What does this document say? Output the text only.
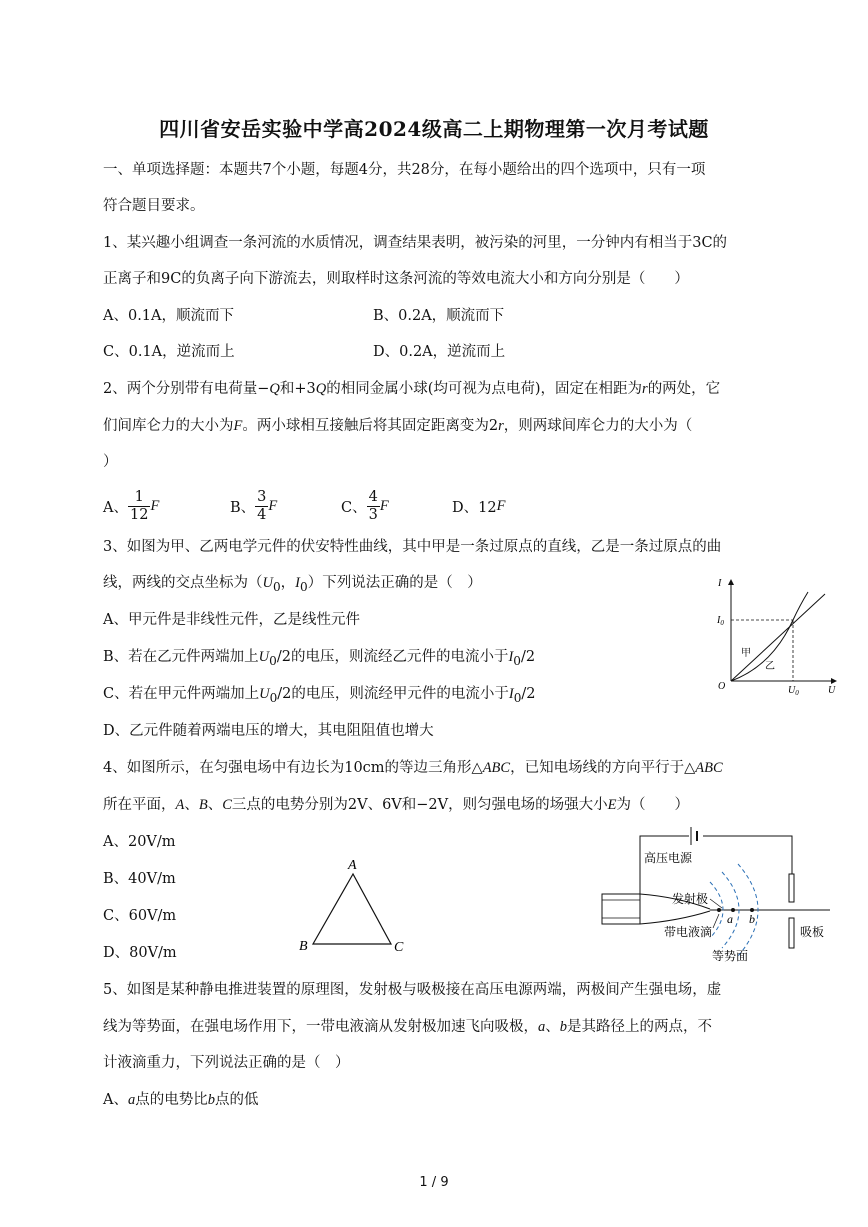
四川省安岳实验中学高2024级高二上期物理第一次月考试题
一、单项选择题：本题共7个小题，每题4分，共28分，在每小题给出的四个选项中，只有一项
符合题目要求。
1、某兴趣小组调查一条河流的水质情况，调查结果表明，被污染的河里，一分钟内有相当于3C的
正离子和9C的负离子向下游流去，则取样时这条河流的等效电流大小和方向分别是（　　）
A、0.1A，顺流而下	B、0.2A，顺流而下
C、0.1A，逆流而上	D、0.2A，逆流而上
2、两个分别带有电荷量−Q和+3Q的相同金属小球(均可视为点电荷)，固定在相距为r的两处，它
们间库仑力的大小为F。两小球相互接触后将其固定距离变为2r，则两球间库仑力的大小为（
）
A、 $\frac{1}{12}$ F	B、 $\frac{3}{4}$ F	C、 $\frac{4}{3}$ F	D、12 F
3、如图为甲、乙两电学元件的伏安特性曲线，其中甲是一条过原点的直线，乙是一条过原点的曲
线，两线的交点坐标为（$U_0$，$I_0$）下列说法正确的是（　）
A、甲元件是非线性元件，乙是线性元件
B、若在乙元件两端加上$U_0/2$的电压，则流经乙元件的电流小于$I_0/2$
C、若在甲元件两端加上$U_0/2$的电压，则流经甲元件的电流小于$I_0/2$
D、乙元件随着两端电压的增大，其电阻阻值也增大
I
U
O
$I_0$
$U_0$
甲
乙
4、如图所示，在匀强电场中有边长为10cm的等边三角形△ABC，已知电场线的方向平行于△ABC
所在平面，A、B、C三点的电势分别为2V、6V和−2V，则匀强电场的场强大小E为（　　）
A、20V/m
B、40V/m
C、60V/m
D、80V/m
A
B	C
高压电源
a b
发射极
带电液滴
等势面
吸板
5、如图是某种静电推进装置的原理图，发射极与吸极接在高压电源两端，两极间产生强电场，虚
线为等势面，在强电场作用下，一带电液滴从发射极加速飞向吸极，a、b是其路径上的两点，不
计液滴重力，下列说法正确的是（　）
A、a点的电势比b点的低
1 / 9
